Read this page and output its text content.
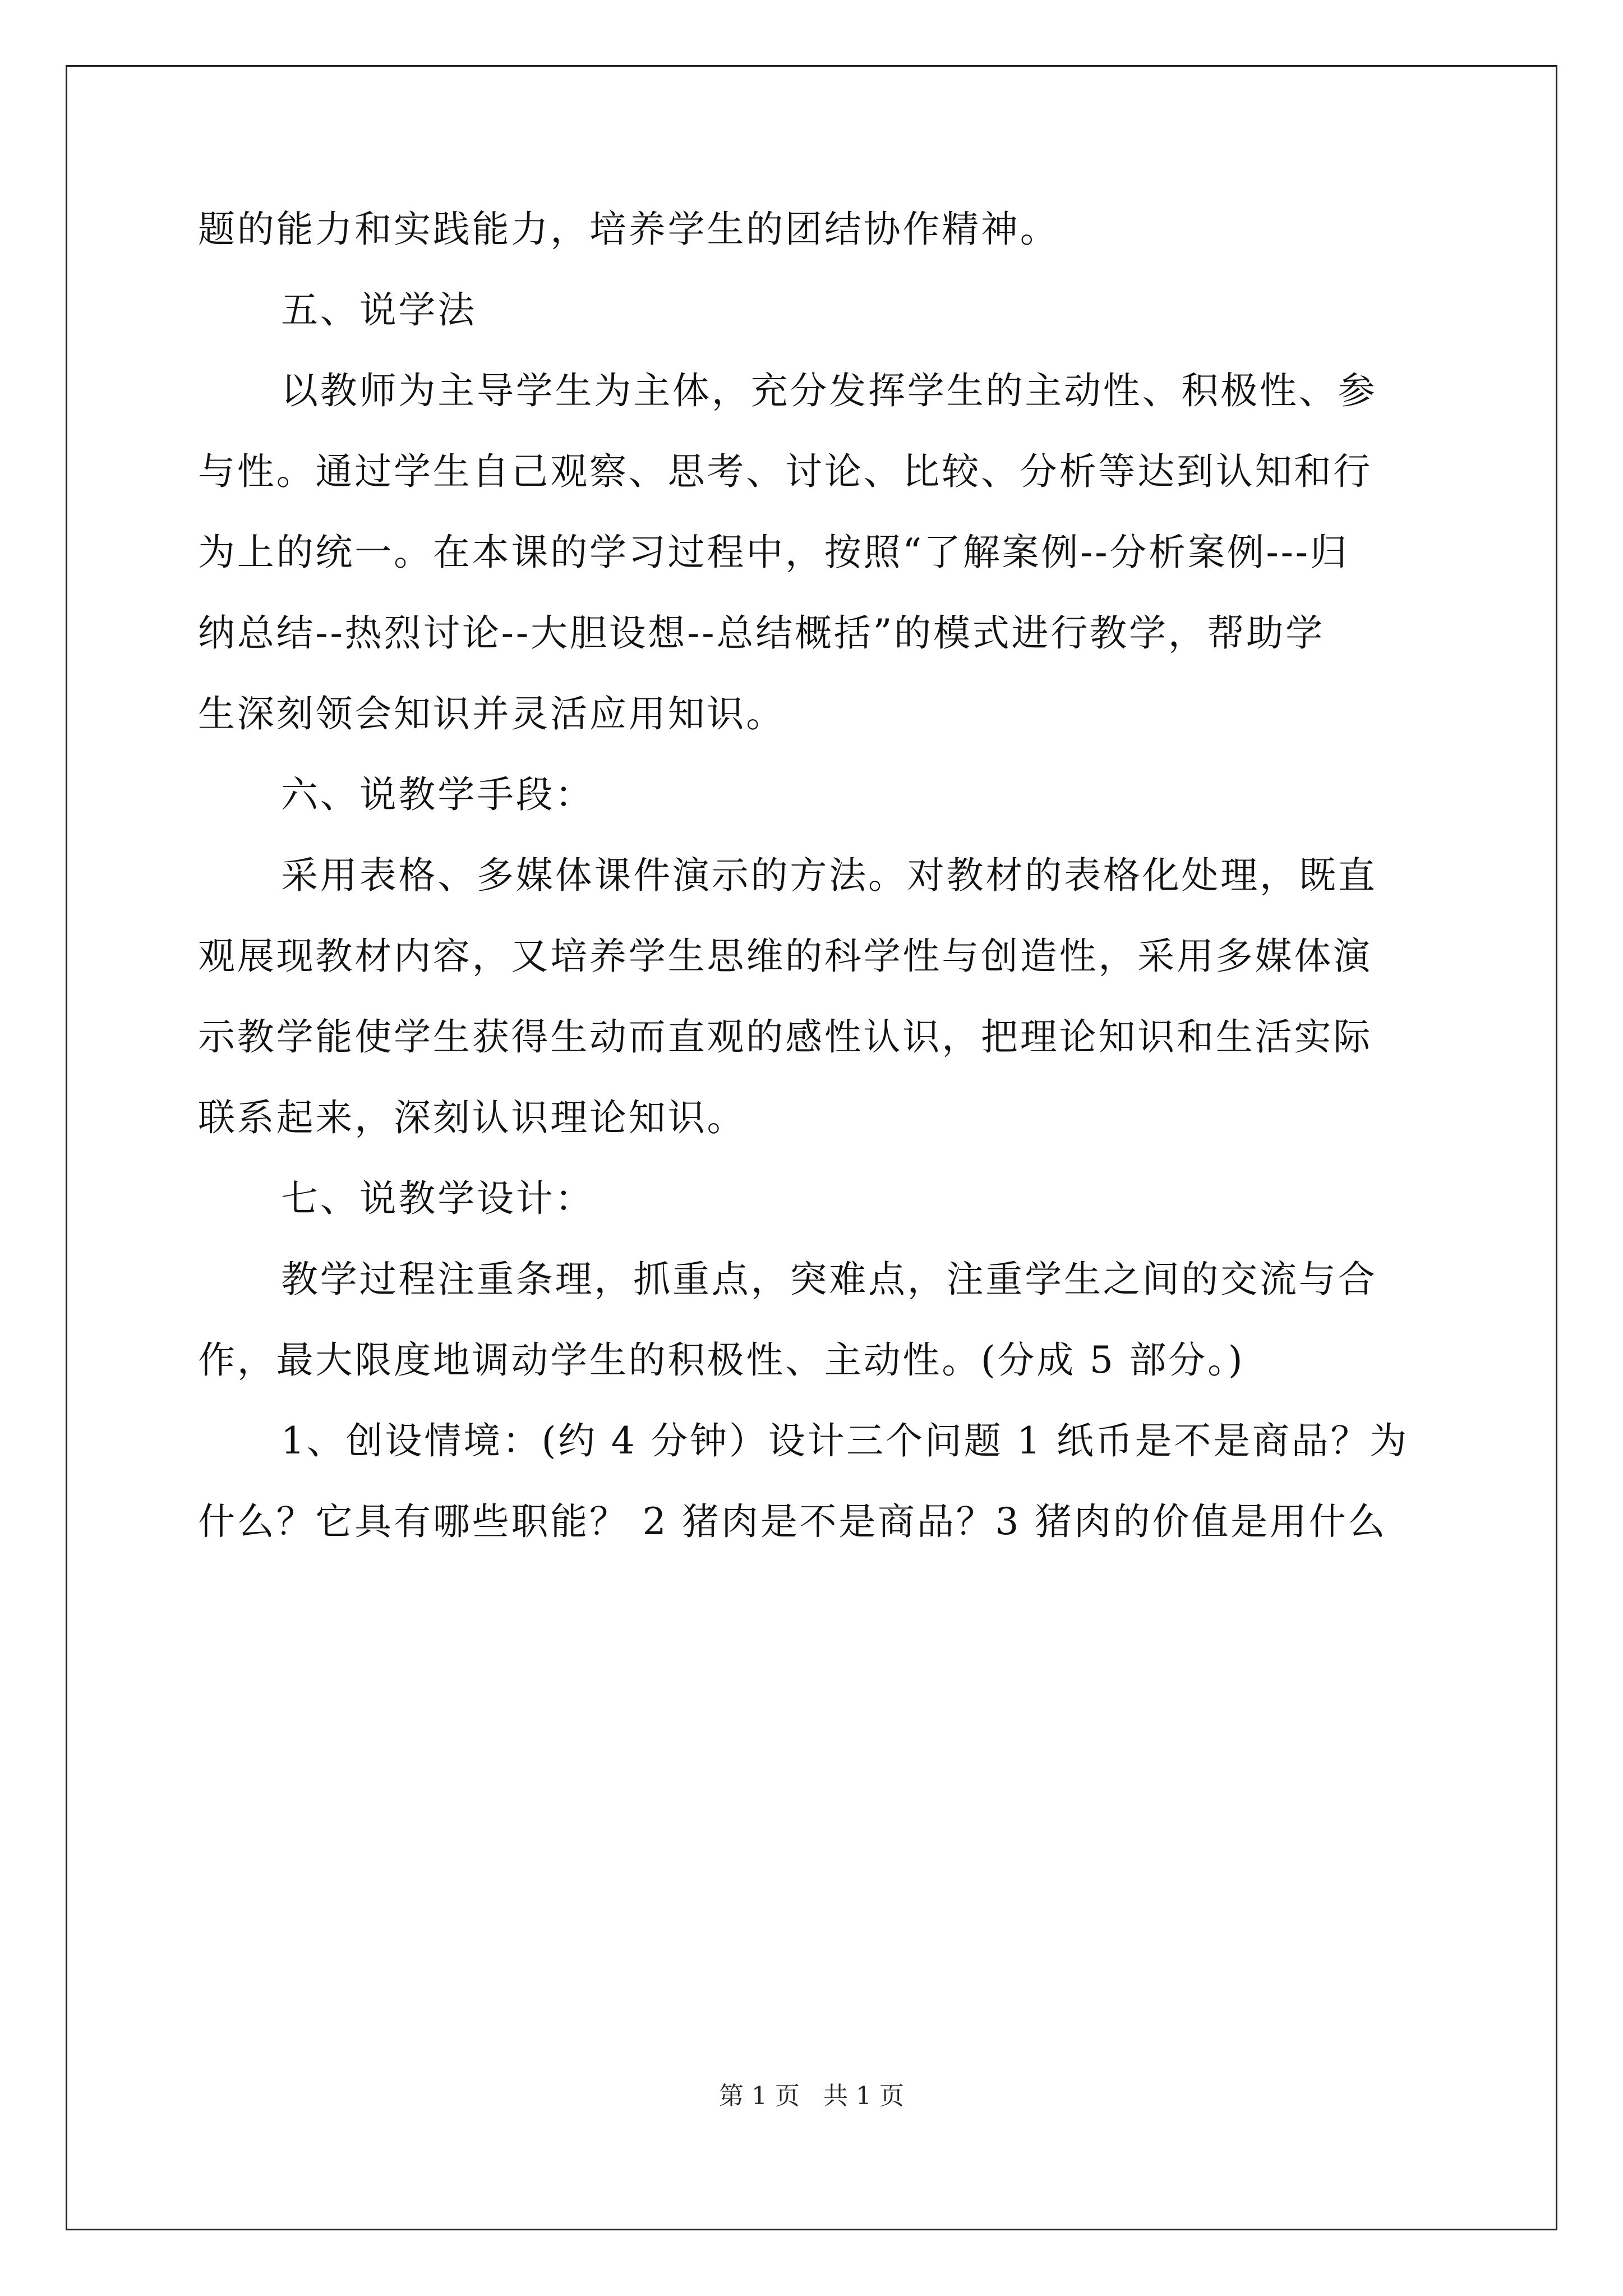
题的能力和实践能力，培养学生的团结协作精神。
五、说学法
以教师为主导学生为主体，充分发挥学生的主动性、积极性、参
与性。通过学生自己观察、思考、讨论、比较、分析等达到认知和行
为上的统一。在本课的学习过程中，按照“了解案例--分析案例---归
纳总结--热烈讨论--大胆设想--总结概括”的模式进行教学，帮助学
生深刻领会知识并灵活应用知识。
六、说教学手段：
采用表格、多媒体课件演示的方法。对教材的表格化处理，既直
观展现教材内容，又培养学生思维的科学性与创造性，采用多媒体演
示教学能使学生获得生动而直观的感性认识，把理论知识和生活实际
联系起来，深刻认识理论知识。
七、说教学设计：
教学过程注重条理，抓重点，突难点，注重学生之间的交流与合
作，最大限度地调动学生的积极性、主动性。(分成 5 部分。)
1、创设情境：(约 4 分钟）设计三个问题 1 纸币是不是商品？为
什么？它具有哪些职能？ 2 猪肉是不是商品？3 猪肉的价值是用什么
第 1 页   共 1 页
